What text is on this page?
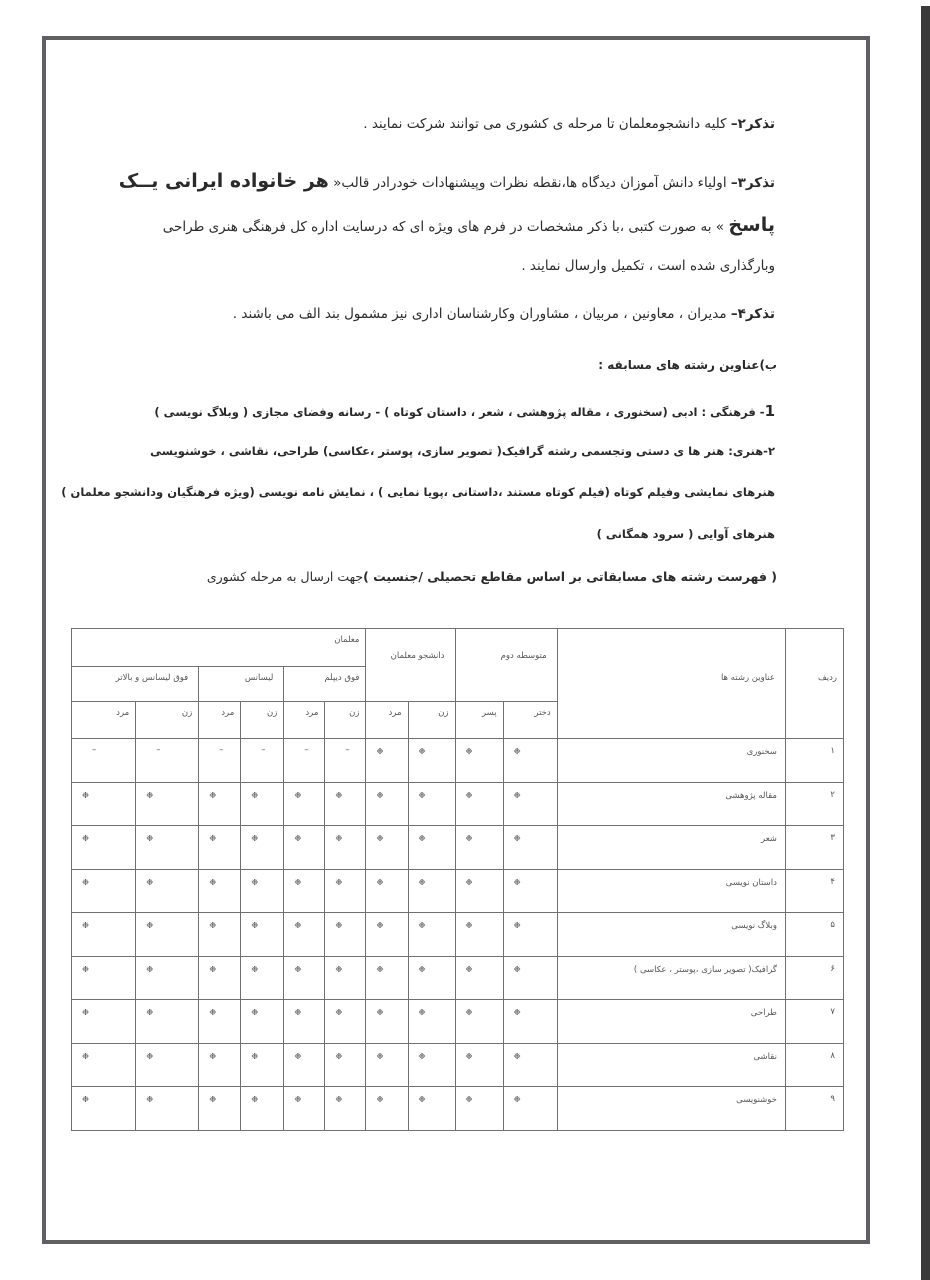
تذکر۲– کلیه دانشجومعلمان تا مرحله ی کشوری می توانند شرکت نمایند .
تذکر۳– اولیاء دانش آموزان دیدگاه ها،نقطه نظرات وپیشنهادات خودرادر قالب« هر خانواده ایرانی یــک
پاسخ » به صورت کتبی ،با ذکر مشخصات در فرم های ویژه ای که درسایت اداره کل فرهنگی هنری طراحی
وبارگذاری شده است ، تکمیل وارسال نمایند .
تذکر۴– مدیران ، معاونین ، مربیان ، مشاوران وکارشناسان اداری نیز مشمول بند الف می باشند .
ب)عناوین رشته های مسابقه :
1- فرهنگی : ادبی (سخنوری ، مقاله پژوهشی ، شعر ، داستان کوتاه ) - رسانه وفضای مجازی ( وبلاگ نویسی )
۲-هنری: هنر ها ی دستی وتجسمی رشته گرافیک( تصویر سازی، پوستر ،عکاسی) طراحی، نقاشی ، خوشنویسی
هنرهای نمایشی وفیلم کوتاه (فیلم کوتاه مستند ،داستانی ،پویا نمایی ) ، نمایش نامه نویسی (ویژه فرهنگیان ودانشجو معلمان )
هنرهای آوایی ( سرود همگانی )
( فهرست رشته های مسابقاتی بر اساس مقاطع تحصیلی /جنسیت )جهت ارسال به مرحله کشوری
ردیف	عناوین رشته ها	متوسطه دوم		دانشجو معلمان		معلمان					
						فوق دیپلم		لیسانس		فوق لیسانس و بالاتر	
		دختر	پسر	زن	مرد	زن	مرد	زن	مرد	زن	مرد
۱	سخنوری	❉	❉	❉	❉	–	–	–	–	–	–
۲	مقاله پژوهشی	❉	❉	❉	❉	❉	❉	❉	❉	❉	❉
۳	شعر	❉	❉	❉	❉	❉	❉	❉	❉	❉	❉
۴	داستان نویسی	❉	❉	❉	❉	❉	❉	❉	❉	❉	❉
۵	وبلاگ نویسی	❉	❉	❉	❉	❉	❉	❉	❉	❉	❉
۶	گرافیک( تصویر سازی ،پوستر ، عکاسی )	❉	❉	❉	❉	❉	❉	❉	❉	❉	❉
۷	طراحی	❉	❉	❉	❉	❉	❉	❉	❉	❉	❉
۸	نقاشی	❉	❉	❉	❉	❉	❉	❉	❉	❉	❉
۹	خوشنویسی	❉	❉	❉	❉	❉	❉	❉	❉	❉	❉
